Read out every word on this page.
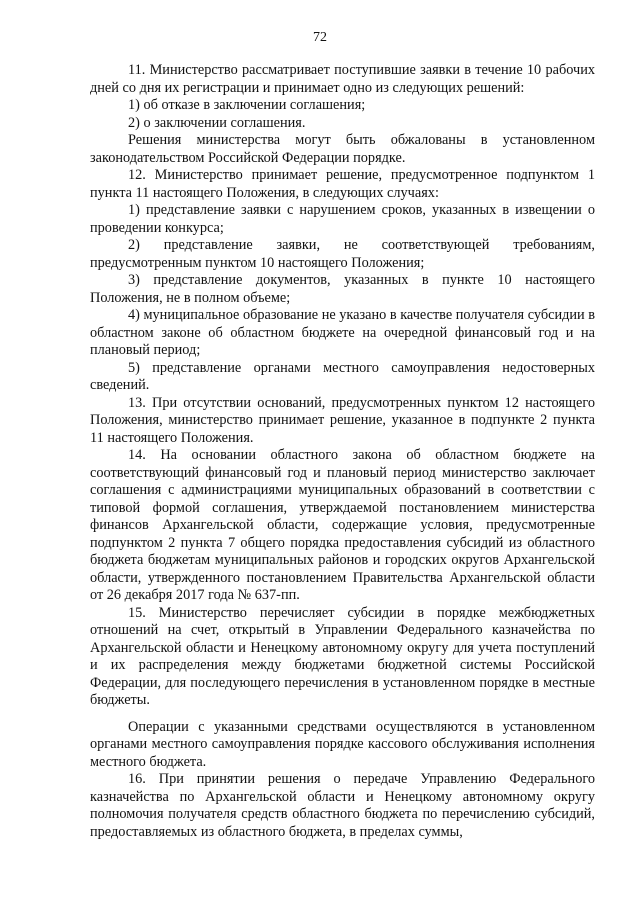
72

11. Министерство рассматривает поступившие заявки в течение 10 рабочих дней со дня их регистрации и принимает одно из следующих решений:

1) об отказе в заключении соглашения;

2) о заключении соглашения.

Решения министерства могут быть обжалованы в установленном законодательством Российской Федерации порядке.

12. Министерство принимает решение, предусмотренное подпунктом 1 пункта 11 настоящего Положения, в следующих случаях:

1) представление заявки с нарушением сроков, указанных в извещении о проведении конкурса;

2) представление заявки, не соответствующей требованиям, предусмотренным пунктом 10 настоящего Положения;

3) представление документов, указанных в пункте 10 настоящего Положения, не в полном объеме;

4) муниципальное образование не указано в качестве получателя субсидии в областном законе об областном бюджете на очередной финансовый год и на плановый период;

5) представление органами местного самоуправления недостоверных сведений.

13. При отсутствии оснований, предусмотренных пунктом 12 настоящего Положения, министерство принимает решение, указанное в подпункте 2 пункта 11 настоящего Положения.

14. На основании областного закона об областном бюджете на соответствующий финансовый год и плановый период министерство заключает соглашения с администрациями муниципальных образований в соответствии с типовой формой соглашения, утверждаемой постановлением министерства финансов Архангельской области, содержащие условия, предусмотренные подпунктом 2 пункта 7 общего порядка предоставления субсидий из областного бюджета бюджетам муниципальных районов и городских округов Архангельской области, утвержденного постановлением Правительства Архангельской области от 26 декабря 2017 года № 637-пп.

15. Министерство перечисляет субсидии в порядке межбюджетных отношений на счет, открытый в Управлении Федерального казначейства по Архангельской области и Ненецкому автономному округу для учета поступлений и их распределения между бюджетами бюджетной системы Российской Федерации, для последующего перечисления в установленном порядке в местные бюджеты.

Операции с указанными средствами осуществляются в установленном органами местного самоуправления порядке кассового обслуживания исполнения местного бюджета.

16. При принятии решения о передаче Управлению Федерального казначейства по Архангельской области и Ненецкому автономному округу полномочия получателя средств областного бюджета по перечислению субсидий, предоставляемых из областного бюджета, в пределах суммы,
